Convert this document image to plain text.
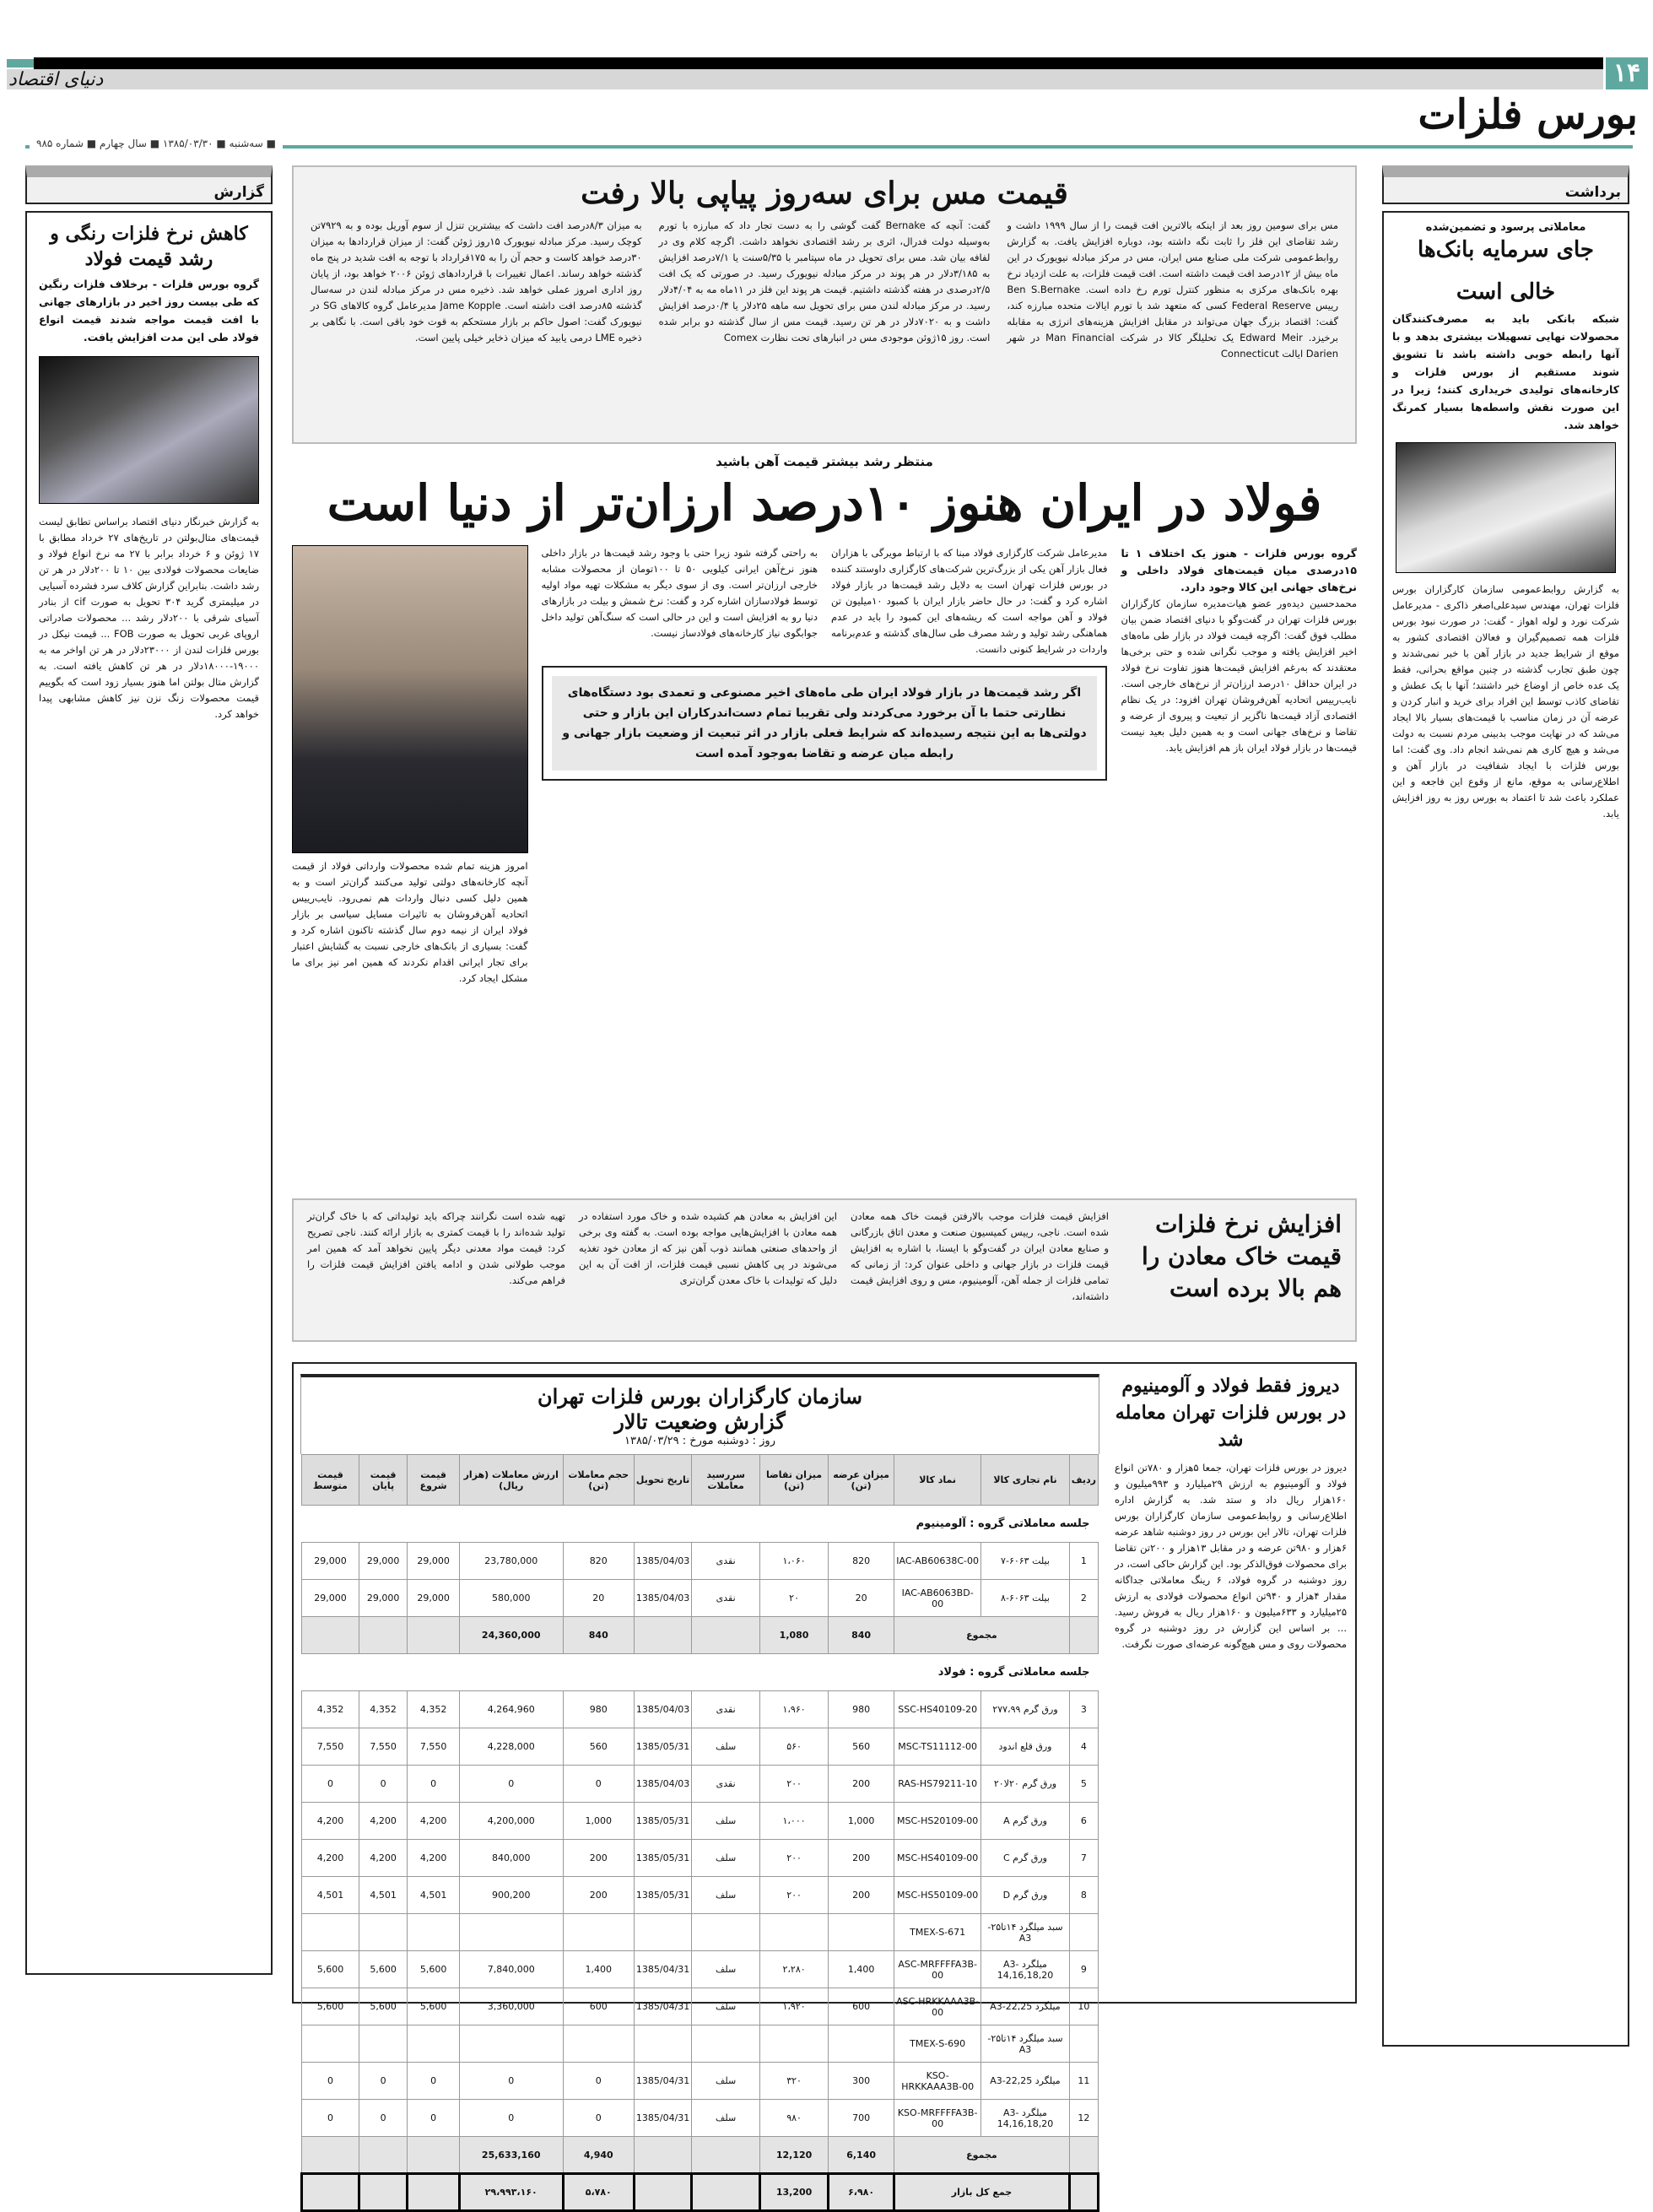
۱۴
دنیای اقتصاد
بورس فلزات
■ سه‌شنبه ■ ۱۳۸۵/۰۳/۳۰ ■ سال چهارم ■ شماره ۹۸۵
برداشت
معاملاتی پرسود و تضمین‌شده
جای سرمایه بانک‌ها
خالی است
شبکه بانکی باید به مصرف‌کنندگان محصولات نهایی تسهیلات بیشتری بدهد و با آنها رابطه خوبی داشته باشد تا تشویق شوند مستقیم از بورس فلزات و کارخانه‌های تولیدی خریداری کنند؛ زیرا در این صورت نقش واسطه‌ها بسیار کمرنگ خواهد شد.
به گزارش روابط‌عمومی سازمان کارگزاران بورس فلزات تهران، مهندس سیدعلی‌اصغر ذاکری - مدیرعامل شرکت نورد و لوله اهواز - گفت: در صورت نبود بورس فلزات همه تصمیم‌گیران و فعالان اقتصادی کشور به موقع از شرایط جدید در بازار آهن با خبر نمی‌شدند و چون طبق تجارب گذشته در چنین مواقع بحرانی، فقط یک عده خاص از اوضاع خبر داشتند؛ آنها با یک عطش و تقاضای کاذب توسط این افراد برای خرید و انبار کردن و عرضه آن در زمان مناسب با قیمت‌های بسیار بالا ایجاد می‌شد که در نهایت موجب بدبینی مردم نسبت به دولت می‌شد و هیچ کاری هم نمی‌شد انجام داد. وی گفت: اما بورس فلزات با ایجاد شفافیت در بازار آهن و اطلاع‌رسانی به موقع، مانع از وقوع این فاجعه و این عملکرد باعث شد تا اعتماد به بورس روز به روز افزایش یابد.
گزارش
کاهش نرخ فلزات رنگی و رشد قیمت فولاد
گروه بورس فلزات - برخلاف فلزات رنگین که طی بیست روز اخیر در بازارهای جهانی با افت قیمت مواجه شدند قیمت انواع فولاد طی این مدت افزایش یافت.
به گزارش خبرنگار دنیای اقتصاد براساس تطابق لیست قیمت‌های متال‌بولتن در تاریخ‌های ۲۷ خرداد مطابق با ۱۷ ژوئن و ۶ خرداد برابر با ۲۷ مه نرخ انواع فولاد و ضایعات محصولات فولادی بین ۱۰ تا ۲۰۰دلار در هر تن رشد داشت. بنابراین گزارش کلاف سرد فشرده آسیایی در میلیمتری گرید ۳۰۴ تحویل به صورت cif از بنادر آسیای شرقی با ۲۰۰دلار رشد ... محصولات صادراتی اروپای غربی تحویل به صورت FOB ... قیمت نیکل در بورس فلزات لندن از ۲۳۰۰۰دلار در هر تن اواخر مه به ۱۹۰۰۰-۱۸۰۰۰دلار در هر تن کاهش یافته است. به گزارش متال بولتن اما هنوز بسیار زود است که بگوییم قیمت محصولات زنگ نزن نیز کاهش مشابهی پیدا خواهد کرد.
قیمت مس برای سه‌روز پیاپی بالا رفت
مس برای سومین روز بعد از اینکه بالاترین افت قیمت را از سال ۱۹۹۹ داشت و رشد تقاضای این فلز را ثابت نگه داشته بود، دوباره افزایش یافت. به گزارش روابط‌عمومی شرکت ملی صنایع مس ایران، مس در مرکز مبادله نیویورک در این ماه بیش از ۱۲درصد افت قیمت داشته است. افت قیمت فلزات، به علت ازدیاد نرخ بهره بانک‌های مرکزی به منظور کنترل تورم رخ داده است. Ben S.Bernake رییس Federal Reserve کسی که متعهد شد با تورم ایالات متحده مبارزه کند، گفت: اقتصاد بزرگ جهان می‌تواند در مقابل افزایش هزینه‌های انرژی به مقابله برخیزد. Edward Meir یک تحلیلگر کالا در شرکت Man Financial در شهر Darien ایالت Connecticut
گفت: آنچه که Bernake گفت گوشی را به دست تجار داد که مبارزه با تورم به‌وسیله دولت فدرال، اثری بر رشد اقتصادی نخواهد داشت. اگرچه کلام وی در لفافه بیان شد. مس برای تحویل در ماه سپتامبر با ۵/۳۵سنت یا ۷/۱درصد افزایش به ۳/۱۸۵دلار در هر پوند در مرکز مبادله نیویورک رسید. در صورتی که یک افت ۲/۵درصدی در هفته گذشته داشتیم. قیمت هر پوند این فلز در ۱۱ماه مه به ۴/۰۴دلار رسید. در مرکز مبادله لندن مس برای تحویل سه ماهه ۲۵دلار یا ۰/۴درصد افزایش داشت و به ۷۰۲۰دلار در هر تن رسید. قیمت مس از سال گذشته دو برابر شده است. روز ۱۵ژوئن موجودی مس در انبارهای تحت نظارت Comex
به میزان ۸/۳درصد افت داشت که بیشترین تنزل از سوم آوریل بوده و به ۷۹۲۹تن کوچک رسید. مرکز مبادله نیویورک ۱۵روز ژوئن گفت: از میزان قراردادها به میزان ۳۰درصد خواهد کاست و حجم آن را به ۱۷۵قرارداد با توجه به افت شدید در پنج ماه گذشته خواهد رساند. اعمال تغییرات با قراردادهای ژوئن ۲۰۰۶ خواهد بود، از پایان روز اداری امروز عملی خواهد شد. ذخیره مس در مرکز مبادله لندن در سه‌سال گذشته ۸۵درصد افت داشته است. Jame Kopple مدیرعامل گروه کالاهای SG در نیویورک گفت: اصول حاکم بر بازار مستحکم به قوت خود باقی است. با نگاهی بر ذخیره LME درمی یابید که میزان ذخایر خیلی پایین است.
منتظر رشد بیشتر قیمت آهن باشید
فولاد در ایران هنوز ۱۰درصد ارزان‌تر از دنیا است
گروه بورس فلزات - هنوز یک اختلاف ۱ تا ۱۵درصدی میان قیمت‌های فولاد داخلی و نرخ‌های جهانی این کالا وجود دارد.
محمدحسین دیده‌ور عضو هیات‌مدیره سازمان کارگزاران بورس فلزات تهران در گفت‌وگو با دنیای اقتصاد ضمن بیان مطلب فوق گفت: اگرچه قیمت فولاد در بازار طی ماه‌های اخیر افزایش یافته و موجب نگرانی شده و حتی برخی‌ها معتقدند که به‌رغم افزایش قیمت‌ها هنوز تفاوت نرخ فولاد در ایران حداقل ۱۰درصد ارزان‌تر از نرخ‌های خارجی است. نایب‌رییس اتحادیه آهن‌فروشان تهران افزود: در یک نظام اقتصادی آزاد قیمت‌ها ناگزیر از تبعیت و پیروی از عرضه و تقاضا و نرخ‌های جهانی است و به همین دلیل بعید نیست قیمت‌ها در بازار فولاد ایران باز هم افزایش یابد.
مدیرعامل شرکت کارگزاری فولاد مبنا که با ارتباط مویرگی با هزاران فعال بازار آهن یکی از بزرگ‌ترین شرکت‌های کارگزاری داوستند کننده در بورس فلزات تهران است به دلایل رشد قیمت‌ها در بازار فولاد اشاره کرد و گفت: در حال حاضر بازار ایران با کمبود ۱۰میلیون تن فولاد و آهن مواجه است که ریشه‌های این کمبود را باید در عدم هماهنگی رشد تولید و رشد مصرف طی سال‌های گذشته و عدم‌برنامه واردات در شرایط کنونی دانست.
به راحتی گرفته شود زیرا حتی با وجود رشد قیمت‌ها در بازار داخلی هنوز نرخ‌آهن ایرانی کیلویی ۵۰ تا ۱۰۰تومان از محصولات مشابه خارجی ارزان‌تر است. وی از سوی دیگر به مشکلات تهیه مواد اولیه توسط فولادسازان اشاره کرد و گفت: نرخ شمش و بیلت در بازارهای دنیا رو به افزایش است و این در حالی است که سنگ‌آهن تولید داخل جوابگوی نیاز کارخانه‌های فولادساز نیست.
اگر رشد قیمت‌ها در بازار فولاد ایران طی ماه‌های اخیر مصنوعی و تعمدی بود دستگاه‌های نظارتی حتما با آن برخورد می‌کردند ولی تقریبا تمام دست‌اندرکاران این بازار و حتی دولتی‌ها به این نتیجه رسیده‌اند که شرایط فعلی بازار در اثر تبعیت از وضعیت بازار جهانی و رابطه میان عرضه و تقاضا به‌وجود آمده است
امروز هزینه تمام شده محصولات وارداتی فولاد از قیمت آنچه کارخانه‌های دولتی تولید می‌کنند گران‌تر است و به همین دلیل کسی دنبال واردات هم نمی‌رود. نایب‌رییس اتحادیه آهن‌فروشان به تاثیرات مسایل سیاسی بر بازار فولاد ایران از نیمه دوم سال گذشته تاکنون اشاره کرد و گفت: بسیاری از بانک‌های خارجی نسبت به گشایش اعتبار برای تجار ایرانی اقدام نکردند که همین امر نیز برای ما مشکل ایجاد کرد.
افزایش نرخ فلزات قیمت خاک معادن را هم بالا برده است
افزایش قیمت فلزات موجب بالارفتن قیمت خاک همه معادن شده است. ناجی، رییس کمیسیون صنعت و معدن اتاق بازرگانی و صنایع معادن ایران در گفت‌وگو با ایسنا، با اشاره به افزایش قیمت فلزات در بازار جهانی و داخلی عنوان کرد: از زمانی که تمامی فلزات از جمله آهن، آلومینیوم، مس و روی افزایش قیمت داشته‌اند،
این افزایش به معادن هم کشیده شده و خاک مورد استفاده در همه معادن با افزایش‌هایی مواجه بوده است. به گفته وی برخی از واحدهای صنعتی همانند ذوب آهن نیز که از معادن خود تغذیه می‌شوند در پی کاهش نسبی قیمت فلزات، از افت آن به این دلیل که تولیدات با خاک معدن گران‌تری
تهیه شده است نگرانند چراکه باید تولیداتی که با خاک گران‌تر تولید شده‌اند را با قیمت کمتری به بازار ارائه کنند. ناجی تصریح کرد: قیمت مواد معدنی دیگر پایین نخواهد آمد که همین امر موجب طولانی شدن و ادامه یافتن افزایش قیمت فلزات را فراهم می‌کند.
دیروز فقط فولاد و آلومینیوم در بورس فلزات تهران معامله شد
دیروز در بورس فلزات تهران، جمعا ۵هزار و ۷۸۰تن انواع فولاد و آلومینیوم به ارزش ۲۹میلیارد و ۹۹۳میلیون و ۱۶۰هزار ریال داد و ستد شد. به گزارش اداره اطلاع‌رسانی و روابط‌عمومی سازمان کارگزاران بورس فلزات تهران، تالار این بورس در روز دوشنبه شاهد عرضه ۶هزار و ۹۸۰تن عرضه و در مقابل ۱۳هزار و ۲۰۰تن تقاضا برای محصولات فوق‌الذکر بود. این گزارش حاکی است، در روز دوشنبه در گروه فولاد، ۶ رینگ معاملاتی جداگانه مقدار ۴هزار و ۹۴۰تن انواع محصولات فولادی به ارزش ۲۵میلیارد و ۶۳۳میلیون و ۱۶۰هزار ریال به فروش رسید. ... بر اساس این گزارش در روز دوشنبه در گروه محصولات روی و مس هیچ‌گونه عرضه‌ای صورت نگرفت.
سازمان کارگزاران بورس فلزات تهران
گزارش وضعیت تالار
روز : دوشنبه مورخ : ۱۳۸۵/۰۳/۲۹
ردیف	نام تجاری کالا	نماد کالا	میزان عرضه (تن)	میزان تقاضا (تن)	سررسید معاملات	تاریخ تحویل	حجم معاملات (تن)	ارزش معاملات (هزار ریال)	قیمت شروع	قیمت پایان	قیمت متوسط
جلسه معاملاتی گروه : آلومینیوم											
1	بیلت ۶۰۶۳-۷	IAC-AB60638C-00	820	۱،۰۶۰	نقدی	1385/04/03	820	23,780,000	29,000	29,000	29,000
2	بیلت ۶۰۶۳-۸	IAC-AB6063BD-00	20	۲۰	نقدی	1385/04/03	20	580,000	29,000	29,000	29,000
	مجموع		840	1,080			840	24,360,000			
جلسه معاملاتی گروه : فولاد											
3	ورق گرم ۲۷۷،۹۹	SSC-HS40109-20	980	۱،۹۶۰	نقدی	1385/04/03	980	4,264,960	4,352	4,352	4,352
4	ورق قلع اندود	MSC-TS11112-00	560	۵۶۰	سلف	1385/05/31	560	4,228,000	7,550	7,550	7,550
5	ورق گرم ۲۰لا۲۰	RAS-HS79211-10	200	۲۰۰	نقدی	1385/04/03	0	0	0	0	0
6	ورق گرم A	MSC-HS20109-00	1,000	۱،۰۰۰	سلف	1385/05/31	1,000	4,200,000	4,200	4,200	4,200
7	ورق گرم C	MSC-HS40109-00	200	۲۰۰	سلف	1385/05/31	200	840,000	4,200	4,200	4,200
8	ورق گرم D	MSC-HS50109-00	200	۲۰۰	سلف	1385/05/31	200	900,200	4,501	4,501	4,501
	سبد میلگرد ۱۴تا۲۵-A3	TMEX-S-671									
9	میلگرد A3-14,16,18,20	ASC-MRFFFFA3B-00	1,400	۲،۲۸۰	سلف	1385/04/31	1,400	7,840,000	5,600	5,600	5,600
10	میلگرد A3-22,25	ASC-HRKKAAA3B-00	600	۱،۹۲۰	سلف	1385/04/31	600	3,360,000	5,600	5,600	5,600
	سبد میلگرد ۱۴تا۲۵-A3	TMEX-S-690									
11	میلگرد A3-22,25	KSO-HRKKAAA3B-00	300	۳۲۰	سلف	1385/04/31	0	0	0	0	0
12	میلگرد A3-14,16,18,20	KSO-MRFFFFA3B-00	700	۹۸۰	سلف	1385/04/31	0	0	0	0	0
	مجموع		6,140	12,120			4,940	25,633,160			
	جمع کل بازار		۶،۹۸۰	13,200			۵،۷۸۰	۲۹،۹۹۳،۱۶۰			
